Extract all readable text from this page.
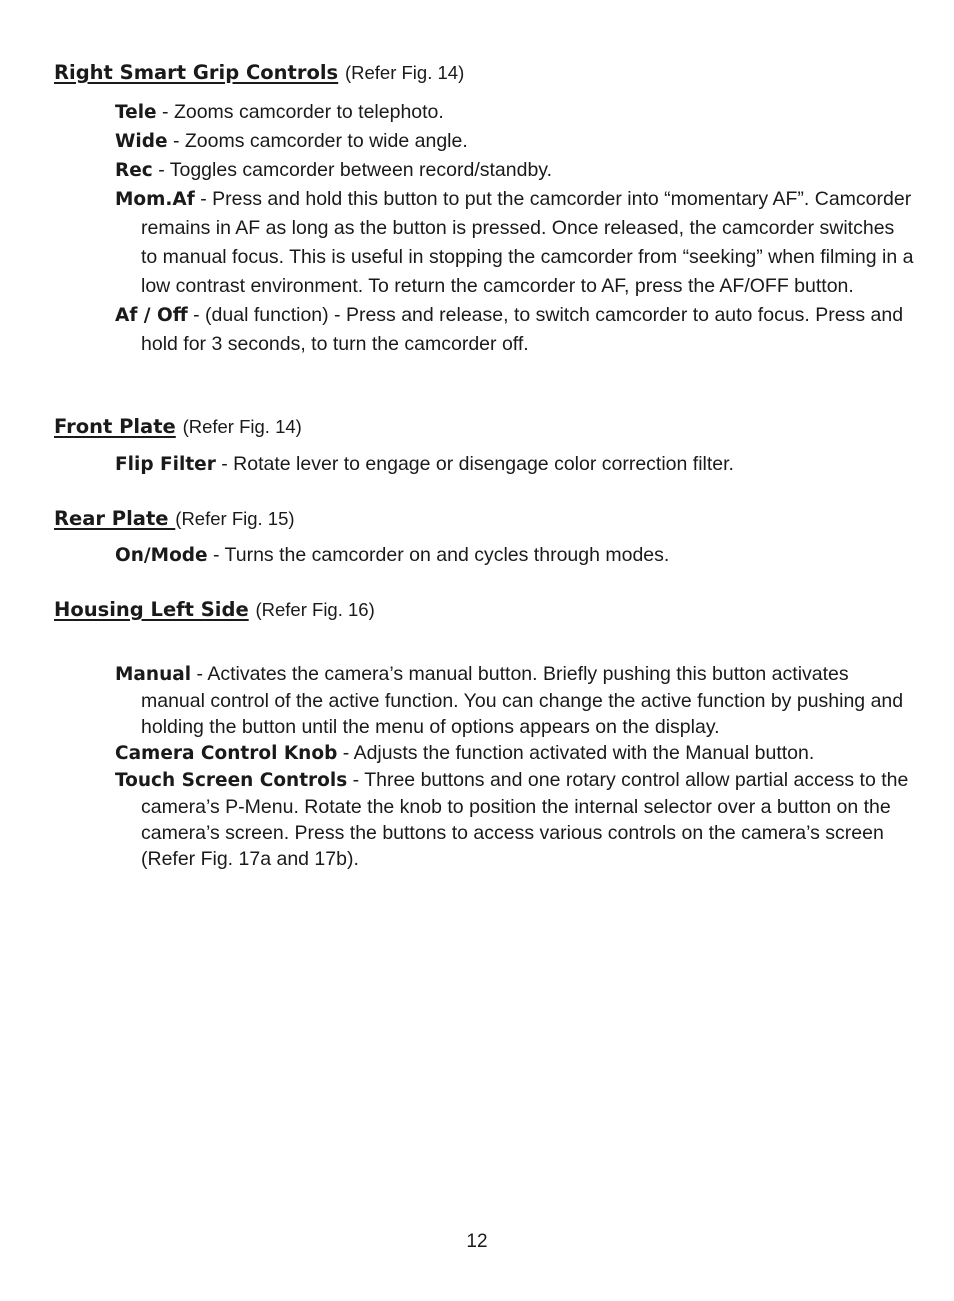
Right Smart Grip Controls (Refer Fig. 14)
Tele - Zooms camcorder to telephoto.
Wide - Zooms camcorder to wide angle.
Rec - Toggles camcorder between record/standby.
Mom.Af - Press and hold this button to put the camcorder into “momentary AF”. Camcorder remains in AF as long as the button is pressed. Once released, the camcorder switches to manual focus. This is useful in stopping the camcorder from “seeking” when filming in a low contrast environment. To return the camcorder to AF, press the AF/OFF button.
Af / Off - (dual function) - Press and release, to switch camcorder to auto focus. Press and hold for 3 seconds, to turn the camcorder off.
Front Plate (Refer Fig. 14)
Flip Filter - Rotate lever to engage or disengage color correction filter.
Rear Plate (Refer Fig. 15)
On/Mode - Turns the camcorder on and cycles through modes.
Housing Left Side (Refer Fig. 16)
Manual - Activates the camera’s manual button. Briefly pushing this button activates manual control of the active function. You can change the active function by pushing and holding the button until the menu of options appears on the display.
Camera Control Knob - Adjusts the function activated with the Manual button.
Touch Screen Controls - Three buttons and one rotary control allow partial access to the camera’s P-Menu. Rotate the knob to position the internal selector over a button on the camera’s screen. Press the buttons to access various controls on the camera’s screen (Refer Fig. 17a and 17b).
12
